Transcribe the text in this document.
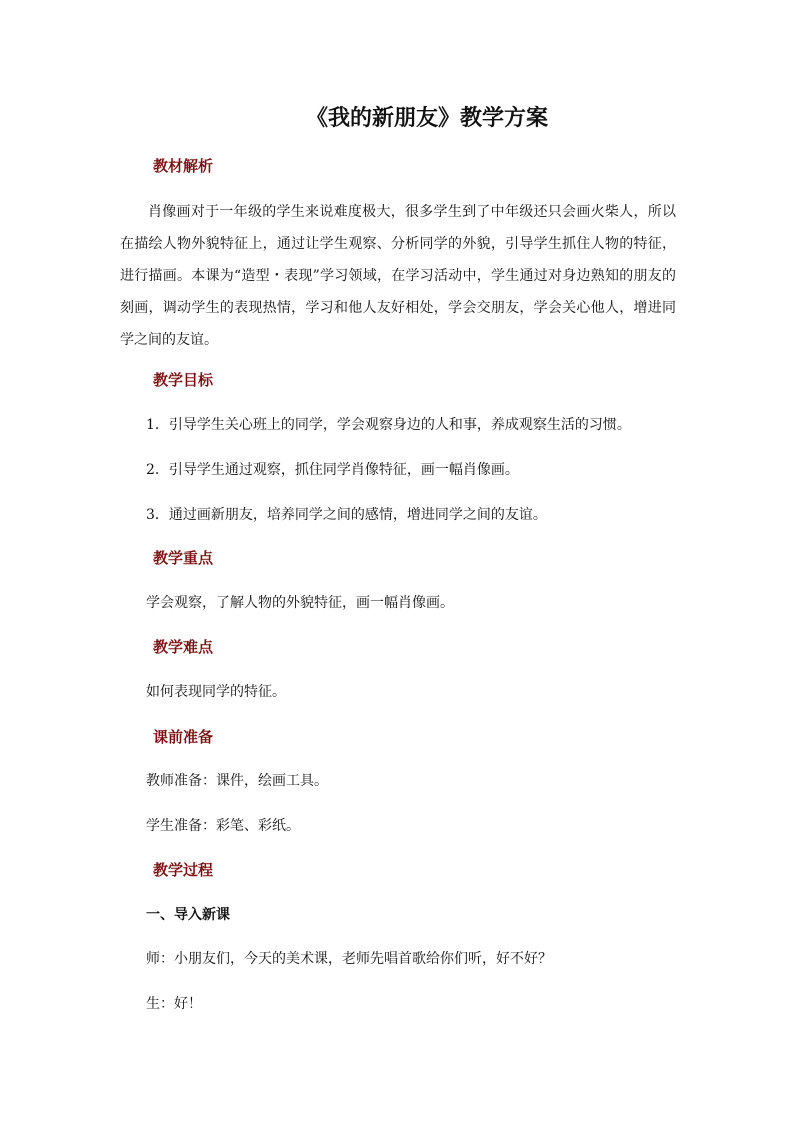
《我的新朋友》教学方案
教材解析
肖像画对于一年级的学生来说难度极大，很多学生到了中年级还只会画火柴人，所以在描绘人物外貌特征上，通过让学生观察、分析同学的外貌，引导学生抓住人物的特征，进行描画。本课为“造型・表现”学习领域，在学习活动中，学生通过对身边熟知的朋友的刻画，调动学生的表现热情，学习和他人友好相处，学会交朋友，学会关心他人，增进同学之间的友谊。
教学目标
1．引导学生关心班上的同学，学会观察身边的人和事，养成观察生活的习惯。
2．引导学生通过观察，抓住同学肖像特征，画一幅肖像画。
3．通过画新朋友，培养同学之间的感情，增进同学之间的友谊。
教学重点
学会观察，了解人物的外貌特征，画一幅肖像画。
教学难点
如何表现同学的特征。
课前准备
教师准备：课件，绘画工具。
学生准备：彩笔、彩纸。
教学过程
一、导入新课
师：小朋友们，今天的美术课，老师先唱首歌给你们听，好不好？
生：好！
